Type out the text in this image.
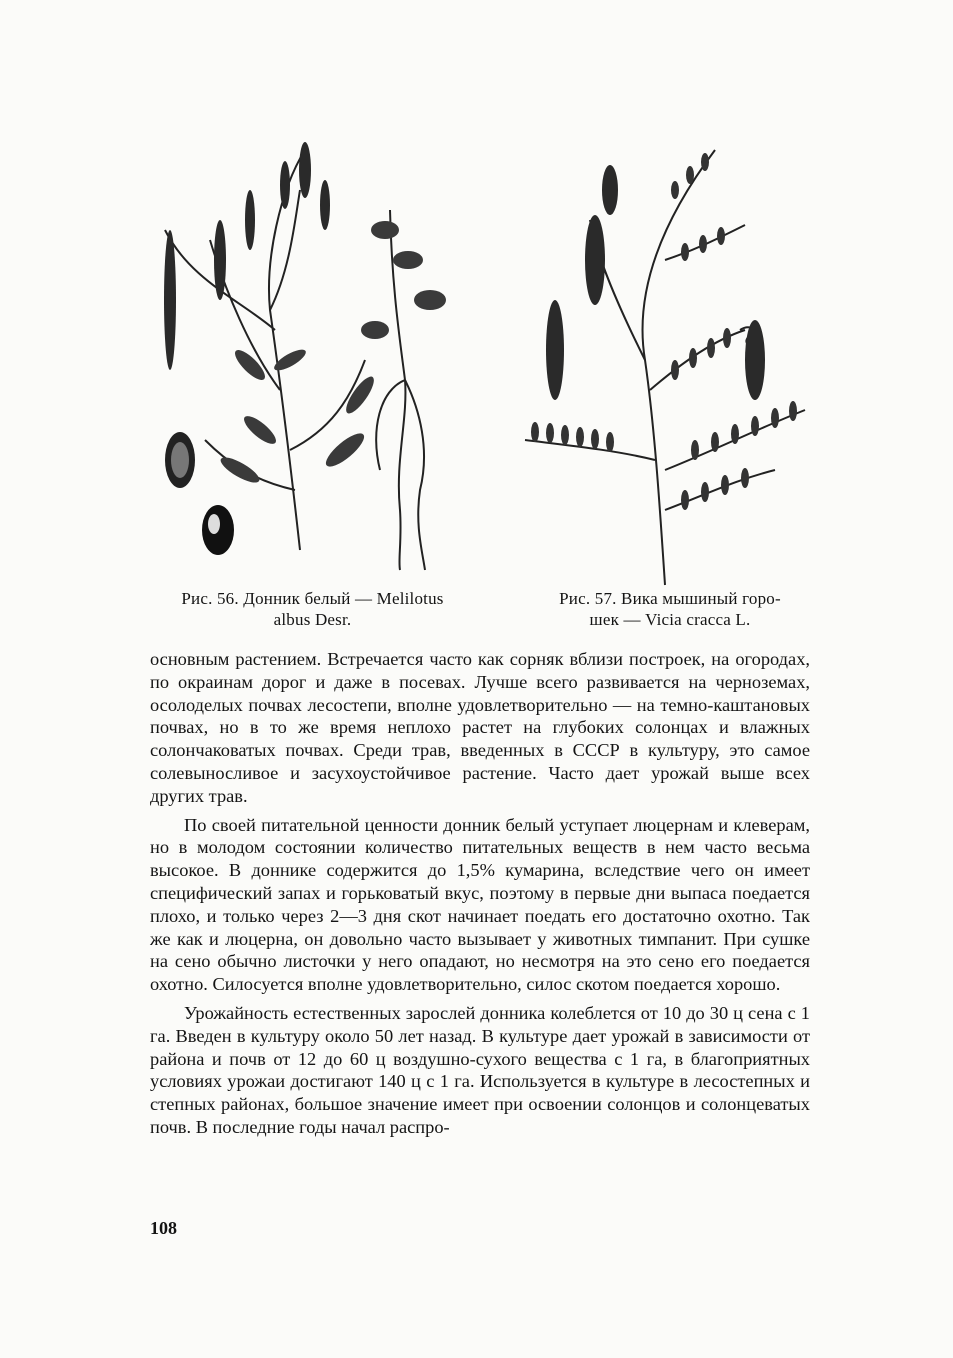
Рис. 56. Донник белый — Melilotus
albus Desr.
Рис. 57. Вика мышиный горо-
шек — Vicia cracca L.

основным растением. Встречается часто как сорняк вблизи построек, на огородах, по окраинам дорог и даже в посевах. Лучше всего развивается на черноземах, осолоделых почвах лесостепи, вполне удовлетворительно — на темно-каштановых почвах, но в то же время неплохо растет на глубоких солонцах и влажных солончаковатых почвах. Среди трав, введенных в СССР в культуру, это самое солевыносливое и засухоустойчивое растение. Часто дает урожай выше всех других трав.

По своей питательной ценности донник белый уступает люцернам и клеверам, но в молодом состоянии количество питательных веществ в нем часто весьма высокое. В доннике содержится до 1,5% кумарина, вследствие чего он имеет специфический запах и горьковатый вкус, поэтому в первые дни выпаса поедается плохо, и только через 2—3 дня скот начинает поедать его достаточно охотно. Так же как и люцерна, он довольно часто вызывает у животных тимпанит. При сушке на сено обычно листочки у него опадают, но несмотря на это сено его поедается охотно. Силосуется вполне удовлетворительно, силос скотом поедается хорошо.

Урожайность естественных зарослей донника колеблется от 10 до 30 ц сена с 1 га. Введен в культуру около 50 лет назад. В культуре дает урожай в зависимости от района и почв от 12 до 60 ц воздушно-сухого вещества с 1 га, в благоприятных условиях урожаи достигают 140 ц с 1 га. Используется в культуре в лесостепных и степных районах, большое значение имеет при освоении солонцов и солонцеватых почв. В последние годы начал распро-

108
